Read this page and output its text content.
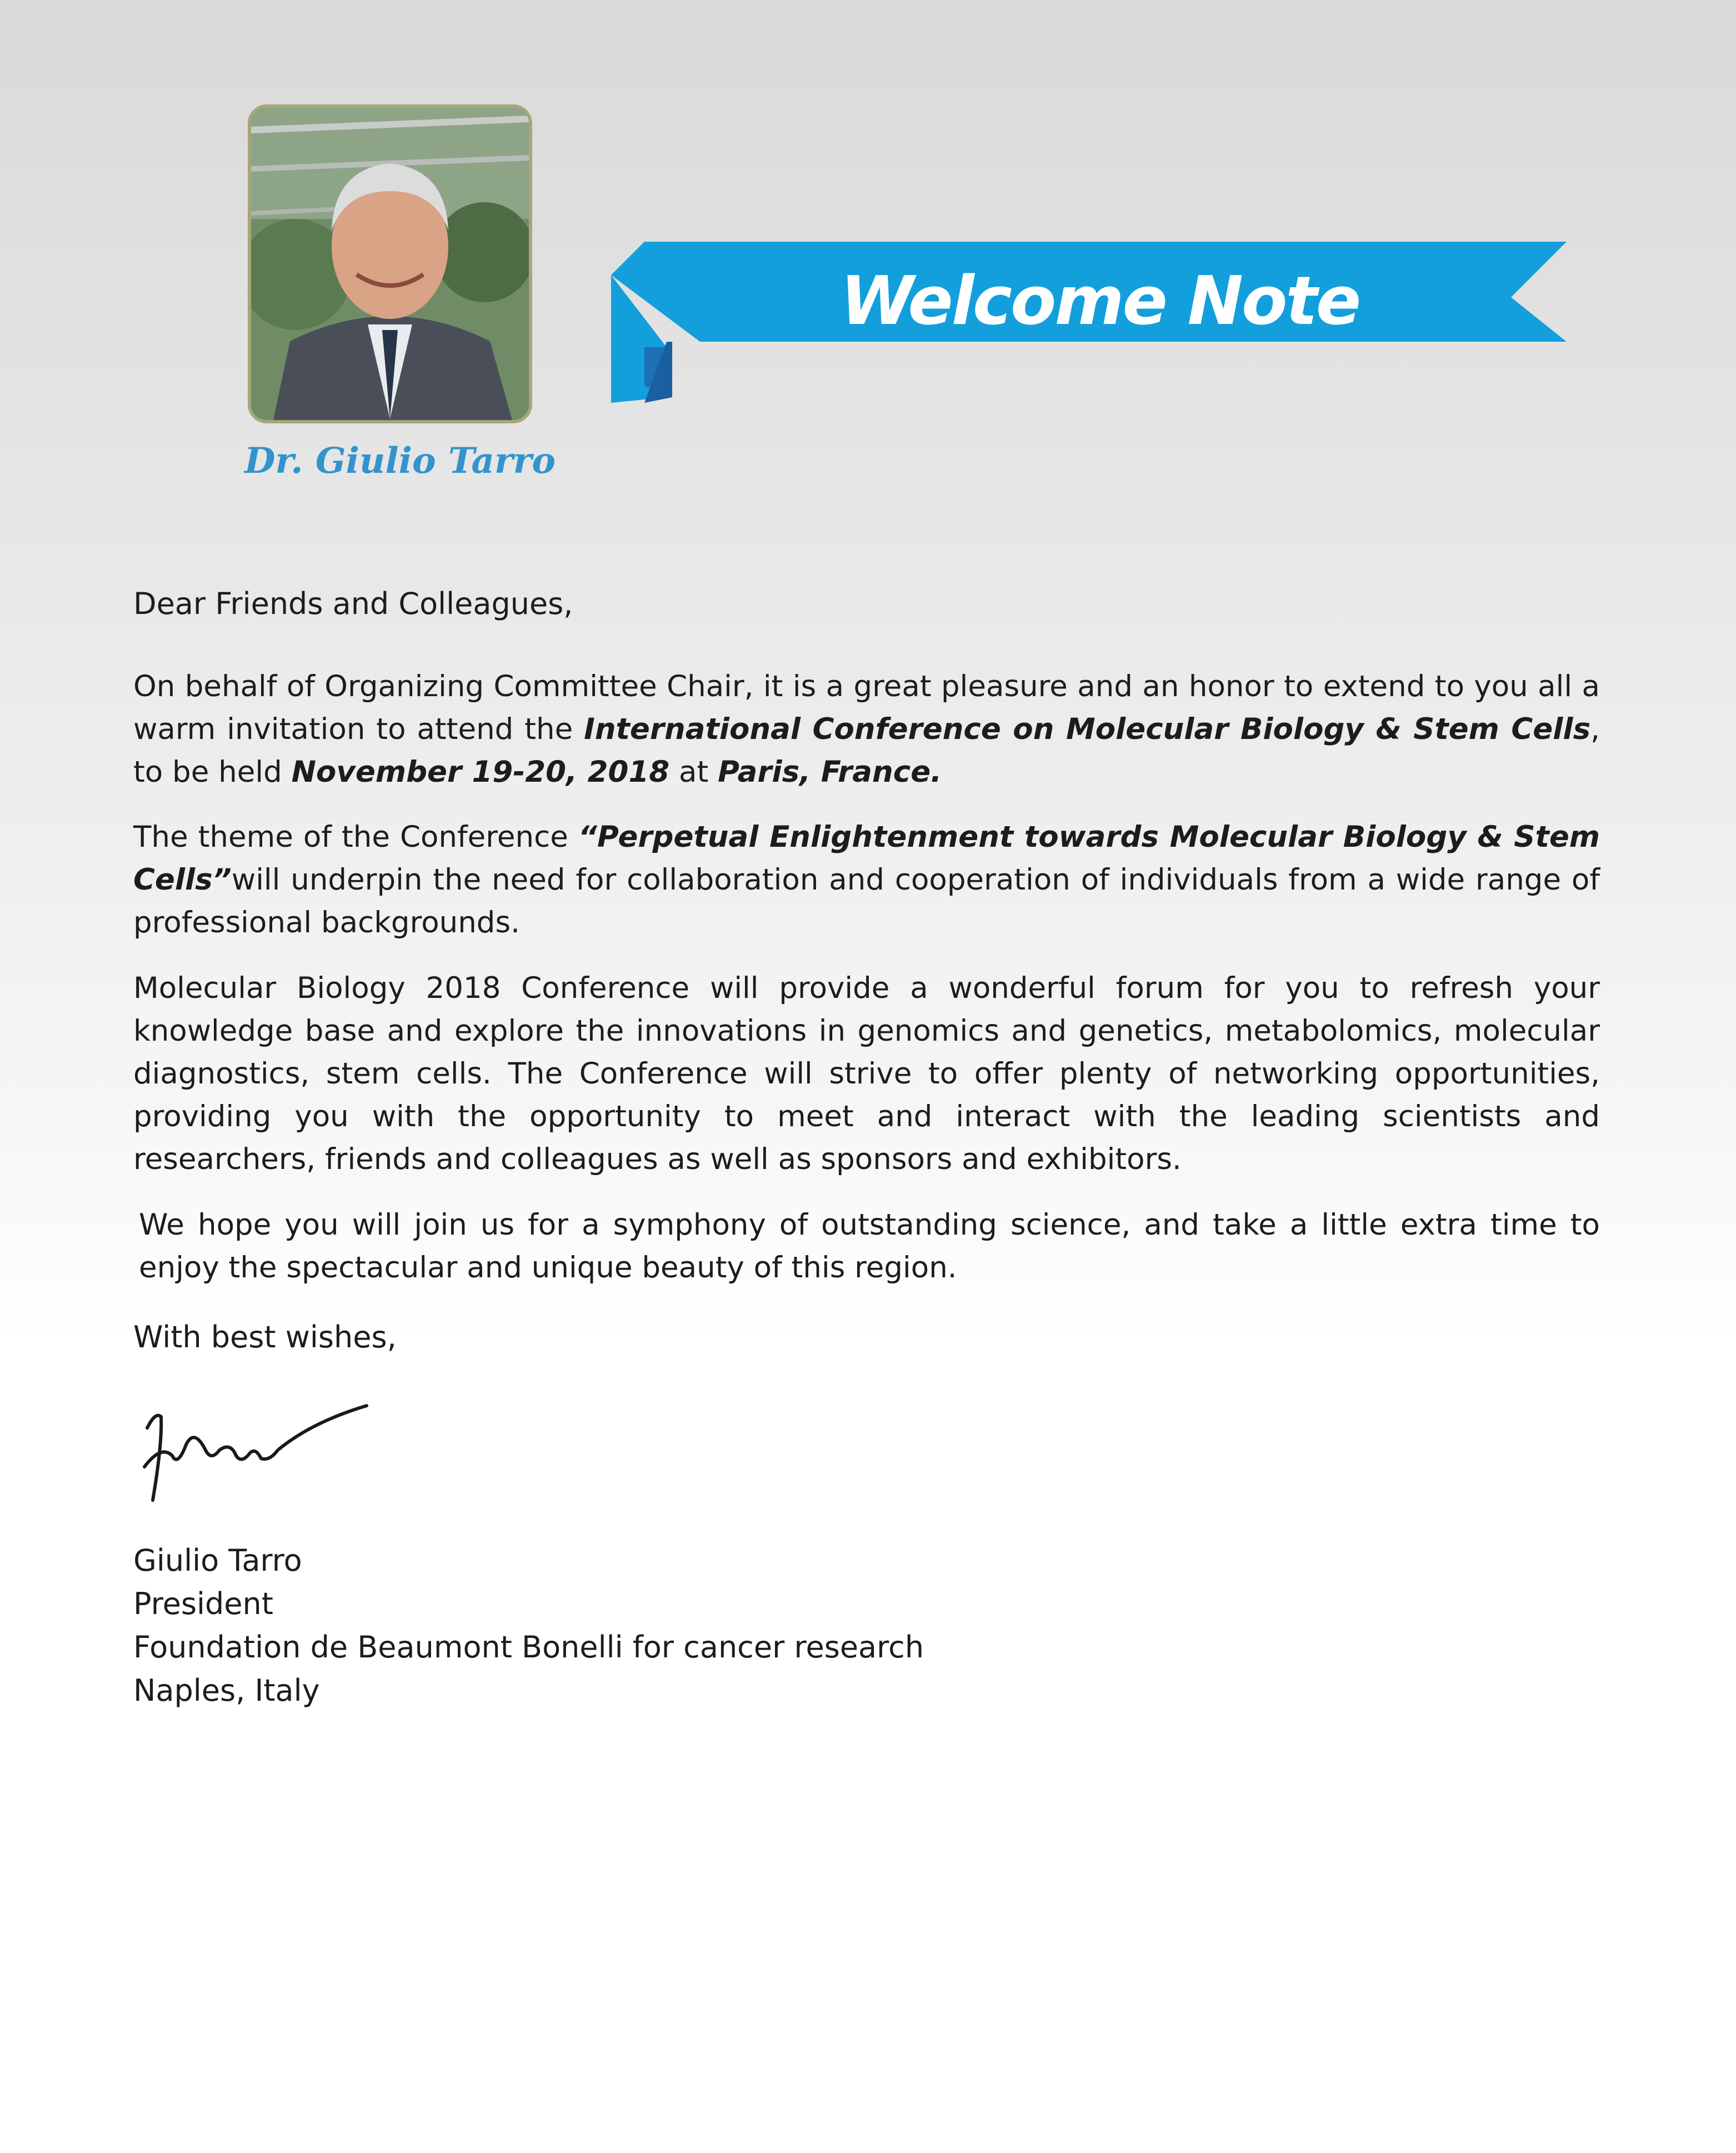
Dr. Giulio Tarro
Welcome Note
Dear Friends and Colleagues,

On behalf of Organizing Committee Chair, it is a great pleasure and an honor to extend to you all a warm invitation to attend the International Conference on Molecular Biology & Stem Cells, to be held November 19-20, 2018 at Paris, France.

The theme of the Conference “Perpetual Enlightenment towards Molecular Biology & Stem Cells”will underpin the need for collaboration and cooperation of individuals from a wide range of professional backgrounds.

Molecular Biology 2018 Conference will provide a wonderful forum for you to refresh your knowledge base and explore the innovations in genomics and genetics, metabolomics, molecular diagnostics, stem cells. The Conference will strive to offer plenty of networking opportunities, providing you with the opportunity to meet and interact with the leading scientists and researchers, friends and colleagues as well as sponsors and exhibitors.

We hope you will join us for a symphony of outstanding science, and take a little extra time to enjoy the spectacular and unique beauty of this region.

With best wishes,
Giulio Tarro
President
Foundation de Beaumont Bonelli for cancer research
Naples, Italy
